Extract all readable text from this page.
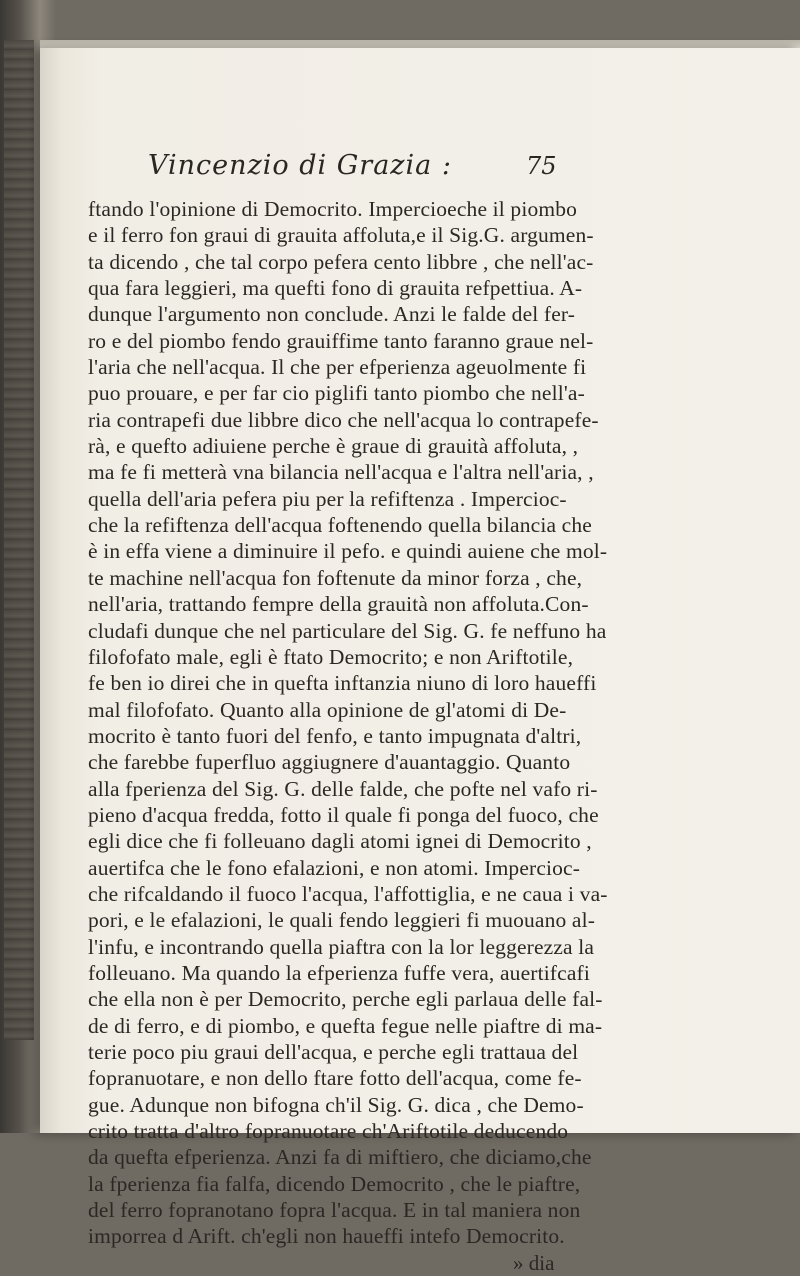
Vincenzio di Grazia :	75
ftando l'opinione di Democrito. Impercioeche il piombo
e il ferro fon graui di grauita affoluta,e il Sig.G. argumen-
ta dicendo , che tal corpo pefera cento libbre , che nell'ac-
qua fara leggieri, ma quefti fono di grauita refpettiua. A-
dunque l'argumento non conclude. Anzi le falde del fer-
ro e del piombo fendo grauiffime tanto faranno graue nel-
l'aria che nell'acqua. Il che per efperienza ageuolmente fi
puo prouare, e per far cio piglifi tanto piombo che nell'a-
ria contrapefi due libbre dico che nell'acqua lo contrapefe-
rà, e quefto adiuiene perche è graue di grauità affoluta, ,
ma fe fi metterà vna bilancia nell'acqua e l'altra nell'aria, ,
quella dell'aria pefera piu per la refiftenza . Impercioc-
che la refiftenza dell'acqua foftenendo quella bilancia che
è in effa viene a diminuire il pefo. e quindi auiene che mol-
te machine nell'acqua fon foftenute da minor forza , che,
nell'aria, trattando fempre della grauità non affoluta.Con-
cludafi dunque che nel particulare del Sig. G. fe neffuno ha
filofofato male, egli è ftato Democrito; e non Ariftotile,
fe ben io direi che in quefta inftanzia niuno di loro haueffi
mal filofofato. Quanto alla opinione de gl'atomi di De-
mocrito è tanto fuori del fenfo, e tanto impugnata d'altri,
che farebbe fuperfluo aggiugnere d'auantaggio. Quanto
alla fperienza del Sig. G. delle falde, che pofte nel vafo ri-
pieno d'acqua fredda, fotto il quale fi ponga del fuoco, che
egli dice che fi folleuano dagli atomi ignei di Democrito ,
auertifca che le fono efalazioni, e non atomi. Impercioc-
che rifcaldando il fuoco l'acqua, l'affottiglia, e ne caua i va-
pori, e le efalazioni, le quali fendo leggieri fi muouano al-
l'infu, e incontrando quella piaftra con la lor leggerezza la
folleuano. Ma quando la efperienza fuffe vera, auertifcafi
che ella non è per Democrito, perche egli parlaua delle fal-
de di ferro, e di piombo, e quefta fegue nelle piaftre di ma-
terie poco piu graui dell'acqua, e perche egli trattaua del
fopranuotare, e non dello ftare fotto dell'acqua, come fe-
gue. Adunque non bifogna ch'il Sig. G. dica , che Demo-
crito tratta d'altro fopranuotare ch'Ariftotile deducendo
da quefta efperienza. Anzi fa di miftiero, che diciamo,che
la fperienza fia falfa, dicendo Democrito , che le piaftre,
del ferro fopranotano fopra l'acqua. E in tal maniera non
imporrea d Arift. ch'egli non haueffi intefo Democrito.
» dia
